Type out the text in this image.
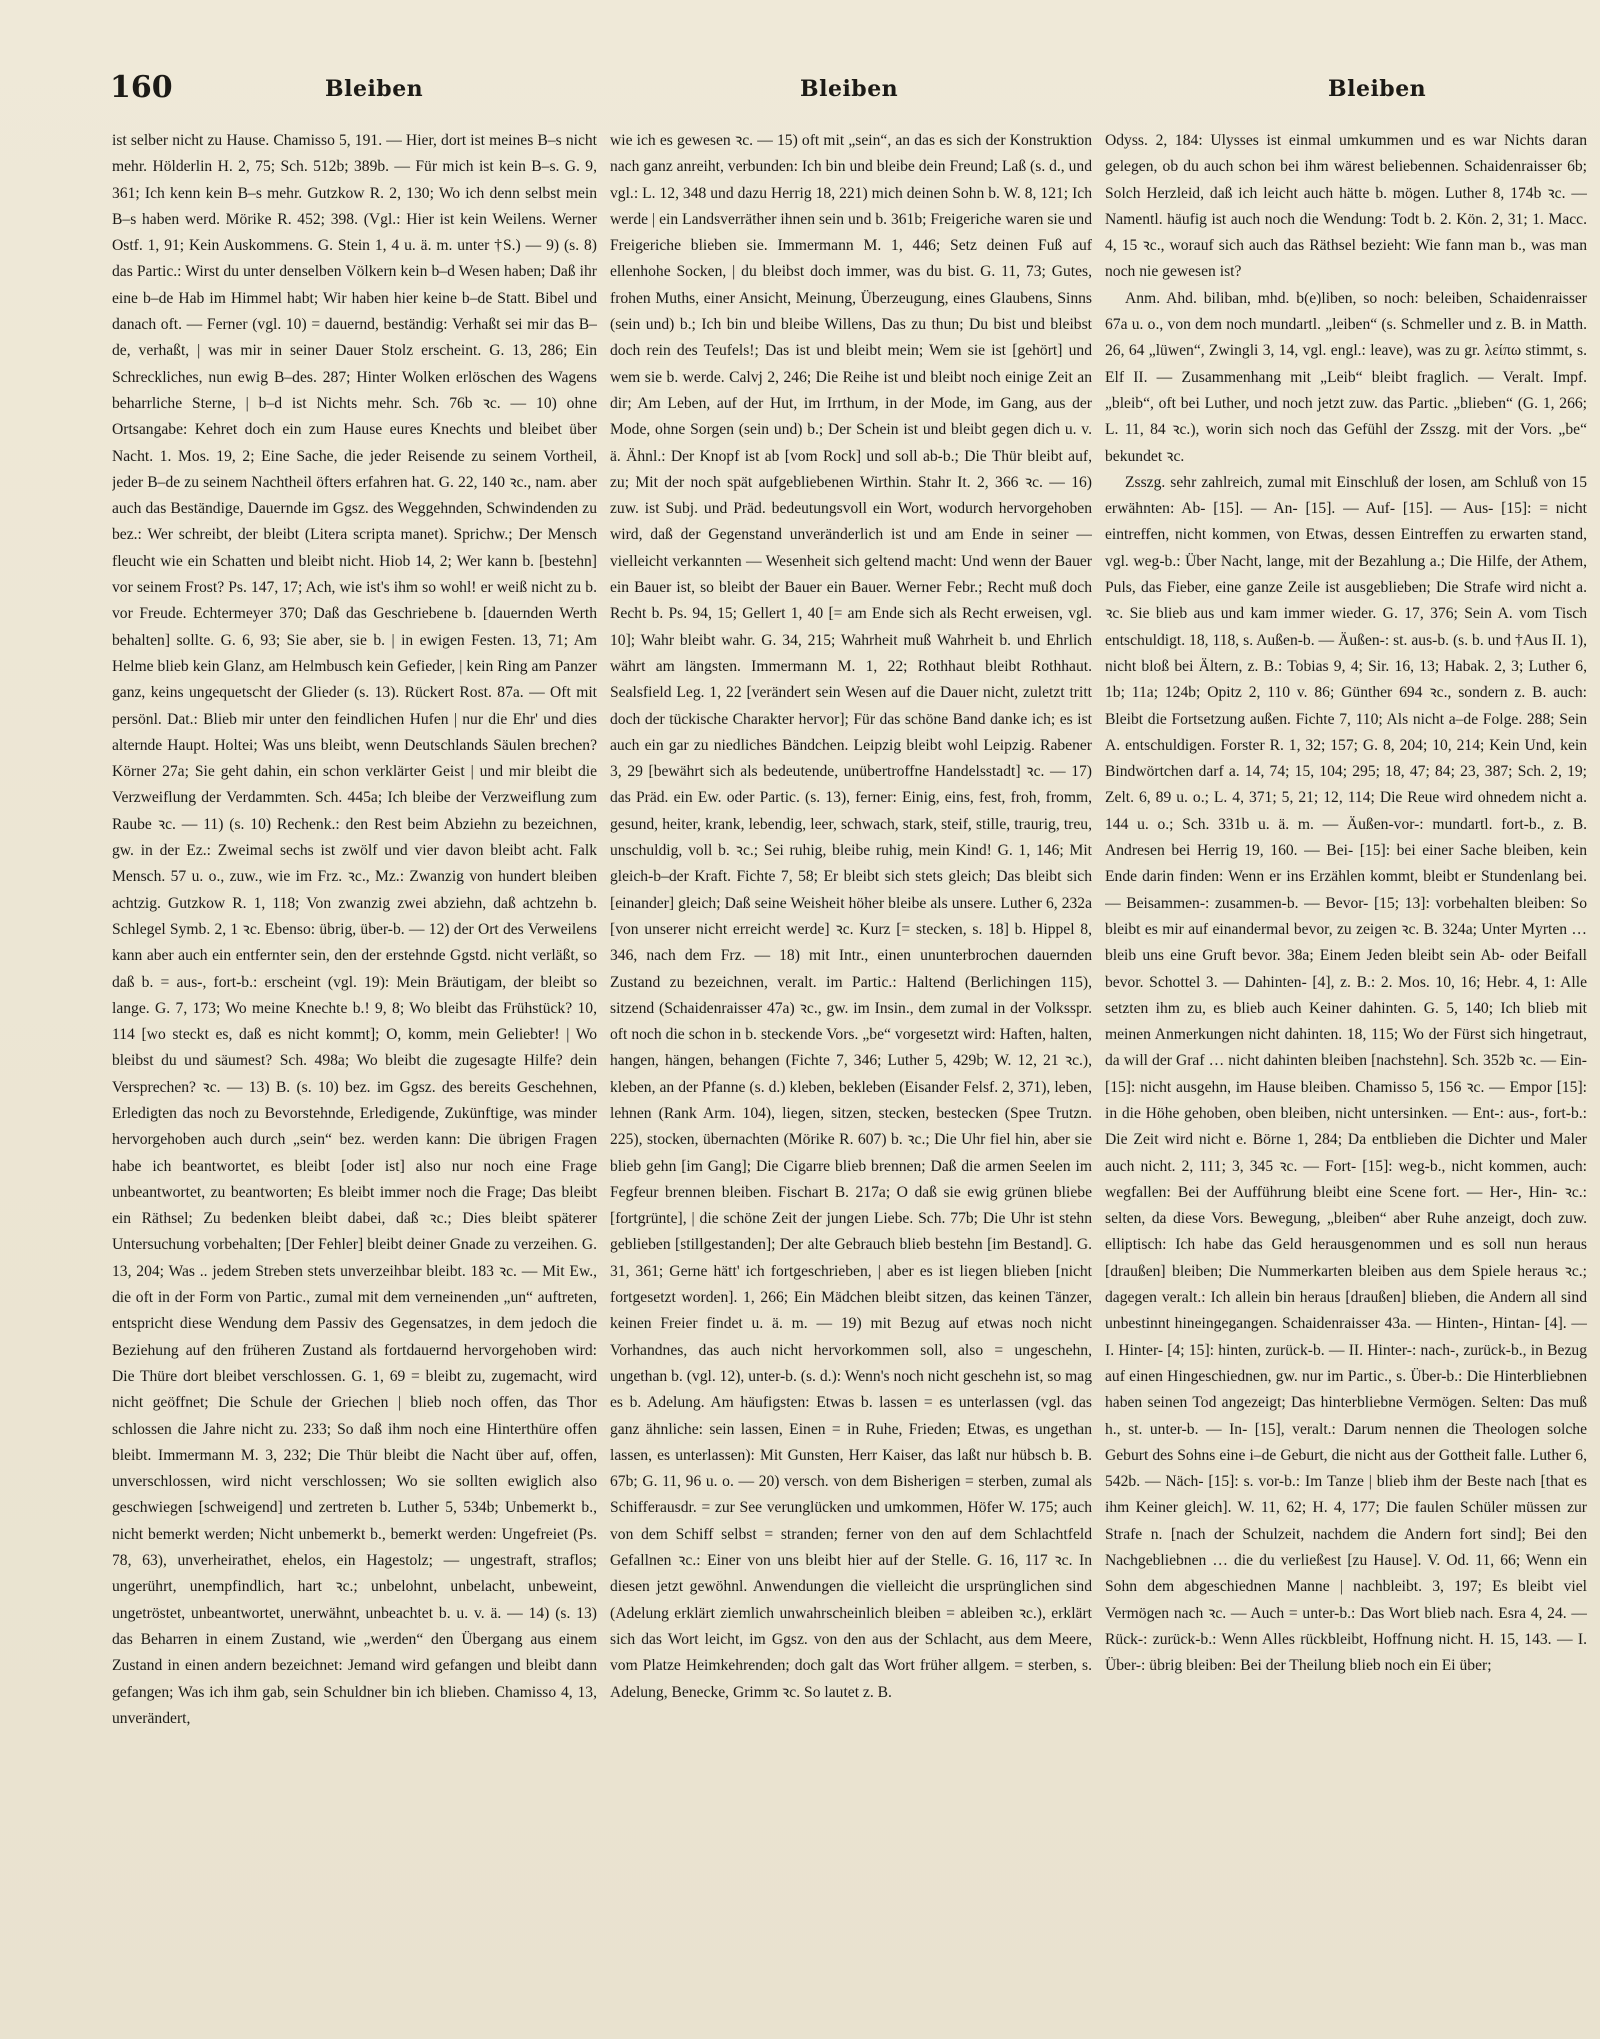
160	Bleiben	Bleiben	Bleiben

ist selber nicht zu Hause. Chamisso 5, 191. — Hier, dort ist meines B–s nicht mehr. Hölderlin H. 2, 75; Sch. 512b; 389b. — Für mich ist kein B–s. G. 9, 361; Ich kenn kein B–s mehr. Gutzkow R. 2, 130; Wo ich denn selbst mein B–s haben werd. Mörike R. 452; 398. (Vgl.: Hier ist kein Weilens. Werner Ostf. 1, 91; Kein Auskommens. G. Stein 1, 4 u. ä. m. unter †S.) — 9) (s. 8) das Partic.: Wirst du unter denselben Völkern kein b–d Wesen haben; Daß ihr eine b–de Hab im Himmel habt; Wir haben hier keine b–de Statt. Bibel und danach oft. — Ferner (vgl. 10) = dauernd, beständig: Verhaßt sei mir das B–de, verhaßt, | was mir in seiner Dauer Stolz erscheint. G. 13, 286; Ein Schreckliches, nun ewig B–des. 287; Hinter Wolken erlöschen des Wagens beharrliche Sterne, | b–d ist Nichts mehr. Sch. 76b ꝛc. — 10) ohne Ortsangabe: Kehret doch ein zum Hause eures Knechts und bleibet über Nacht. 1. Mos. 19, 2; Eine Sache, die jeder Reisende zu seinem Vortheil, jeder B–de zu seinem Nachtheil öfters erfahren hat. G. 22, 140 ꝛc., nam. aber auch das Beständige, Dauernde im Ggsz. des Weggehnden, Schwindenden zu bez.: Wer schreibt, der bleibt (Litera scripta manet). Sprichw.; Der Mensch fleucht wie ein Schatten und bleibt nicht. Hiob 14, 2; Wer kann b. [bestehn] vor seinem Frost? Ps. 147, 17; Ach, wie ist's ihm so wohl! er weiß nicht zu b. vor Freude. Echtermeyer 370; Daß das Geschriebene b. [dauernden Werth behalten] sollte. G. 6, 93; Sie aber, sie b. | in ewigen Festen. 13, 71; Am Helme blieb kein Glanz, am Helmbusch kein Gefieder, | kein Ring am Panzer ganz, keins ungequetscht der Glieder (s. 13). Rückert Rost. 87a. — Oft mit persönl. Dat.: Blieb mir unter den feindlichen Hufen | nur die Ehr' und dies alternde Haupt. Holtei; Was uns bleibt, wenn Deutschlands Säulen brechen? Körner 27a; Sie geht dahin, ein schon verklärter Geist | und mir bleibt die Verzweiflung der Verdammten. Sch. 445a; Ich bleibe der Verzweiflung zum Raube ꝛc. — 11) (s. 10) Rechenk.: den Rest beim Abziehn zu bezeichnen, gw. in der Ez.: Zweimal sechs ist zwölf und vier davon bleibt acht. Falk Mensch. 57 u. o., zuw., wie im Frz. ꝛc., Mz.: Zwanzig von hundert bleiben achtzig. Gutzkow R. 1, 118; Von zwanzig zwei abziehn, daß achtzehn b. Schlegel Symb. 2, 1 ꝛc. Ebenso: übrig, über-b. — 12) der Ort des Verweilens kann aber auch ein entfernter sein, den der erstehnde Ggstd. nicht verläßt, so daß b. = aus-, fort-b.: erscheint (vgl. 19): Mein Bräutigam, der bleibt so lange. G. 7, 173; Wo meine Knechte b.! 9, 8; Wo bleibt das Frühstück? 10, 114 [wo steckt es, daß es nicht kommt]; O, komm, mein Geliebter! | Wo bleibst du und säumest? Sch. 498a; Wo bleibt die zugesagte Hilfe? dein Versprechen? ꝛc. — 13) B. (s. 10) bez. im Ggsz. des bereits Geschehnen, Erledigten das noch zu Bevorstehnde, Erledigende, Zukünftige, was minder hervorgehoben auch durch „sein“ bez. werden kann: Die übrigen Fragen habe ich beantwortet, es bleibt [oder ist] also nur noch eine Frage unbeantwortet, zu beantworten; Es bleibt immer noch die Frage; Das bleibt ein Räthsel; Zu bedenken bleibt dabei, daß ꝛc.; Dies bleibt späterer Untersuchung vorbehalten; [Der Fehler] bleibt deiner Gnade zu verzeihen. G. 13, 204; Was .. jedem Streben stets unverzeihbar bleibt. 183 ꝛc. — Mit Ew., die oft in der Form von Partic., zumal mit dem verneinenden „un“ auftreten, entspricht diese Wendung dem Passiv des Gegensatzes, in dem jedoch die Beziehung auf den früheren Zustand als fortdauernd hervorgehoben wird: Die Thüre dort bleibet verschlossen. G. 1, 69 = bleibt zu, zugemacht, wird nicht geöffnet; Die Schule der Griechen | blieb noch offen, das Thor schlossen die Jahre nicht zu. 233; So daß ihm noch eine Hinterthüre offen bleibt. Immermann M. 3, 232; Die Thür bleibt die Nacht über auf, offen, unverschlossen, wird nicht verschlossen; Wo sie sollten ewiglich also geschwiegen [schweigend] und zertreten b. Luther 5, 534b; Unbemerkt b., nicht bemerkt werden; Nicht unbemerkt b., bemerkt werden: Ungefreiet (Ps. 78, 63), unverheirathet, ehelos, ein Hagestolz; — ungestraft, straflos; ungerührt, unempfindlich, hart ꝛc.; unbelohnt, unbelacht, unbeweint, ungetröstet, unbeantwortet, unerwähnt, unbeachtet b. u. v. ä. — 14) (s. 13) das Beharren in einem Zustand, wie „werden“ den Übergang aus einem Zustand in einen andern bezeichnet: Jemand wird gefangen und bleibt dann gefangen; Was ich ihm gab, sein Schuldner bin ich blieben. Chamisso 4, 13, unverändert,

wie ich es gewesen ꝛc. — 15) oft mit „sein“, an das es sich der Konstruktion nach ganz anreiht, verbunden: Ich bin und bleibe dein Freund; Laß (s. d., und vgl.: L. 12, 348 und dazu Herrig 18, 221) mich deinen Sohn b. W. 8, 121; Ich werde | ein Landsverräther ihnen sein und b. 361b; Freigeriche waren sie und Freigeriche blieben sie. Immermann M. 1, 446; Setz deinen Fuß auf ellenhohe Socken, | du bleibst doch immer, was du bist. G. 11, 73; Gutes, frohen Muths, einer Ansicht, Meinung, Überzeugung, eines Glaubens, Sinns (sein und) b.; Ich bin und bleibe Willens, Das zu thun; Du bist und bleibst doch rein des Teufels!; Das ist und bleibt mein; Wem sie ist [gehört] und wem sie b. werde. Calvj 2, 246; Die Reihe ist und bleibt noch einige Zeit an dir; Am Leben, auf der Hut, im Irrthum, in der Mode, im Gang, aus der Mode, ohne Sorgen (sein und) b.; Der Schein ist und bleibt gegen dich u. v. ä. Ähnl.: Der Knopf ist ab [vom Rock] und soll ab-b.; Die Thür bleibt auf, zu; Mit der noch spät aufgebliebenen Wirthin. Stahr It. 2, 366 ꝛc. — 16) zuw. ist Subj. und Präd. bedeutungsvoll ein Wort, wodurch hervorgehoben wird, daß der Gegenstand unveränderlich ist und am Ende in seiner — vielleicht verkannten — Wesenheit sich geltend macht: Und wenn der Bauer ein Bauer ist, so bleibt der Bauer ein Bauer. Werner Febr.; Recht muß doch Recht b. Ps. 94, 15; Gellert 1, 40 [= am Ende sich als Recht erweisen, vgl. 10]; Wahr bleibt wahr. G. 34, 215; Wahrheit muß Wahrheit b. und Ehrlich währt am längsten. Immermann M. 1, 22; Rothhaut bleibt Rothhaut. Sealsfield Leg. 1, 22 [verändert sein Wesen auf die Dauer nicht, zuletzt tritt doch der tückische Charakter hervor]; Für das schöne Band danke ich; es ist auch ein gar zu niedliches Bändchen. Leipzig bleibt wohl Leipzig. Rabener 3, 29 [bewährt sich als bedeutende, unübertroffne Handelsstadt] ꝛc. — 17) das Präd. ein Ew. oder Partic. (s. 13), ferner: Einig, eins, fest, froh, fromm, gesund, heiter, krank, lebendig, leer, schwach, stark, steif, stille, traurig, treu, unschuldig, voll b. ꝛc.; Sei ruhig, bleibe ruhig, mein Kind! G. 1, 146; Mit gleich-b–der Kraft. Fichte 7, 58; Er bleibt sich stets gleich; Das bleibt sich [einander] gleich; Daß seine Weisheit höher bleibe als unsere. Luther 6, 232a [von unserer nicht erreicht werde] ꝛc. Kurz [= stecken, s. 18] b. Hippel 8, 346, nach dem Frz. — 18) mit Intr., einen ununterbrochen dauernden Zustand zu bezeichnen, veralt. im Partic.: Haltend (Berlichingen 115), sitzend (Schaidenraisser 47a) ꝛc., gw. im Insin., dem zumal in der Volksspr. oft noch die schon in b. steckende Vors. „be“ vorgesetzt wird: Haften, halten, hangen, hängen, behangen (Fichte 7, 346; Luther 5, 429b; W. 12, 21 ꝛc.), kleben, an der Pfanne (s. d.) kleben, bekleben (Eisander Felsf. 2, 371), leben, lehnen (Rank Arm. 104), liegen, sitzen, stecken, bestecken (Spee Trutzn. 225), stocken, übernachten (Mörike R. 607) b. ꝛc.; Die Uhr fiel hin, aber sie blieb gehn [im Gang]; Die Cigarre blieb brennen; Daß die armen Seelen im Fegfeur brennen bleiben. Fischart B. 217a; O daß sie ewig grünen bliebe [fortgrünte], | die schöne Zeit der jungen Liebe. Sch. 77b; Die Uhr ist stehn geblieben [stillgestanden]; Der alte Gebrauch blieb bestehn [im Bestand]. G. 31, 361; Gerne hätt' ich fortgeschrieben, | aber es ist liegen blieben [nicht fortgesetzt worden]. 1, 266; Ein Mädchen bleibt sitzen, das keinen Tänzer, keinen Freier findet u. ä. m. — 19) mit Bezug auf etwas noch nicht Vorhandnes, das auch nicht hervorkommen soll, also = ungeschehn, ungethan b. (vgl. 12), unter-b. (s. d.): Wenn's noch nicht geschehn ist, so mag es b. Adelung. Am häufigsten: Etwas b. lassen = es unterlassen (vgl. das ganz ähnliche: sein lassen, Einen = in Ruhe, Frieden; Etwas, es ungethan lassen, es unterlassen): Mit Gunsten, Herr Kaiser, das laßt nur hübsch b. B. 67b; G. 11, 96 u. o. — 20) versch. von dem Bisherigen = sterben, zumal als Schifferausdr. = zur See verunglücken und umkommen, Höfer W. 175; auch von dem Schiff selbst = stranden; ferner von den auf dem Schlachtfeld Gefallnen ꝛc.: Einer von uns bleibt hier auf der Stelle. G. 16, 117 ꝛc. In diesen jetzt gewöhnl. Anwendungen die vielleicht die ursprünglichen sind (Adelung erklärt ziemlich unwahrscheinlich bleiben = ableiben ꝛc.), erklärt sich das Wort leicht, im Ggsz. von den aus der Schlacht, aus dem Meere, vom Platze Heimkehrenden; doch galt das Wort früher allgem. = sterben, s. Adelung, Benecke, Grimm ꝛc. So lautet z. B.

Odyss. 2, 184: Ulysses ist einmal umkummen und es war Nichts daran gelegen, ob du auch schon bei ihm wärest beliebennen. Schaidenraisser 6b; Solch Herzleid, daß ich leicht auch hätte b. mögen. Luther 8, 174b ꝛc. — Namentl. häufig ist auch noch die Wendung: Todt b. 2. Kön. 2, 31; 1. Macc. 4, 15 ꝛc., worauf sich auch das Räthsel bezieht: Wie fann man b., was man noch nie gewesen ist?

Anm. Ahd. biliban, mhd. b(e)liben, so noch: beleiben, Schaidenraisser 67a u. o., von dem noch mundartl. „leiben“ (s. Schmeller und z. B. in Matth. 26, 64 „lüwen“, Zwingli 3, 14, vgl. engl.: leave), was zu gr. λείπω stimmt, s. Elf II. — Zusammenhang mit „Leib“ bleibt fraglich. — Veralt. Impf. „bleib“, oft bei Luther, und noch jetzt zuw. das Partic. „blieben“ (G. 1, 266; L. 11, 84 ꝛc.), worin sich noch das Gefühl der Zsszg. mit der Vors. „be“ bekundet ꝛc.

Zsszg. sehr zahlreich, zumal mit Einschluß der losen, am Schluß von 15 erwähnten: Ab- [15]. — An- [15]. — Auf- [15]. — Aus- [15]: = nicht eintreffen, nicht kommen, von Etwas, dessen Eintreffen zu erwarten stand, vgl. weg-b.: Über Nacht, lange, mit der Bezahlung a.; Die Hilfe, der Athem, Puls, das Fieber, eine ganze Zeile ist ausgeblieben; Die Strafe wird nicht a. ꝛc. Sie blieb aus und kam immer wieder. G. 17, 376; Sein A. vom Tisch entschuldigt. 18, 118, s. Außen-b. — Äußen-: st. aus-b. (s. b. und †Aus II. 1), nicht bloß bei Ältern, z. B.: Tobias 9, 4; Sir. 16, 13; Habak. 2, 3; Luther 6, 1b; 11a; 124b; Opitz 2, 110 v. 86; Günther 694 ꝛc., sondern z. B. auch: Bleibt die Fortsetzung außen. Fichte 7, 110; Als nicht a–de Folge. 288; Sein A. entschuldigen. Forster R. 1, 32; 157; G. 8, 204; 10, 214; Kein Und, kein Bindwörtchen darf a. 14, 74; 15, 104; 295; 18, 47; 84; 23, 387; Sch. 2, 19; Zelt. 6, 89 u. o.; L. 4, 371; 5, 21; 12, 114; Die Reue wird ohnedem nicht a. 144 u. o.; Sch. 331b u. ä. m. — Äußen-vor-: mundartl. fort-b., z. B. Andresen bei Herrig 19, 160. — Bei- [15]: bei einer Sache bleiben, kein Ende darin finden: Wenn er ins Erzählen kommt, bleibt er Stundenlang bei. — Beisammen-: zusammen-b. — Bevor- [15; 13]: vorbehalten bleiben: So bleibt es mir auf einandermal bevor, zu zeigen ꝛc. B. 324a; Unter Myrten … bleib uns eine Gruft bevor. 38a; Einem Jeden bleibt sein Ab- oder Beifall bevor. Schottel 3. — Dahinten- [4], z. B.: 2. Mos. 10, 16; Hebr. 4, 1: Alle setzten ihm zu, es blieb auch Keiner dahinten. G. 5, 140; Ich blieb mit meinen Anmerkungen nicht dahinten. 18, 115; Wo der Fürst sich hingetraut, da will der Graf … nicht dahinten bleiben [nachstehn]. Sch. 352b ꝛc. — Ein- [15]: nicht ausgehn, im Hause bleiben. Chamisso 5, 156 ꝛc. — Empor [15]: in die Höhe gehoben, oben bleiben, nicht untersinken. — Ent-: aus-, fort-b.: Die Zeit wird nicht e. Börne 1, 284; Da entblieben die Dichter und Maler auch nicht. 2, 111; 3, 345 ꝛc. — Fort- [15]: weg-b., nicht kommen, auch: wegfallen: Bei der Aufführung bleibt eine Scene fort. — Her-, Hin- ꝛc.: selten, da diese Vors. Bewegung, „bleiben“ aber Ruhe anzeigt, doch zuw. elliptisch: Ich habe das Geld herausgenommen und es soll nun heraus [draußen] bleiben; Die Nummerkarten bleiben aus dem Spiele heraus ꝛc.; dagegen veralt.: Ich allein bin heraus [draußen] blieben, die Andern all sind unbestinnt hineingegangen. Schaidenraisser 43a. — Hinten-, Hintan- [4]. — I. Hinter- [4; 15]: hinten, zurück-b. — II. Hinter-: nach-, zurück-b., in Bezug auf einen Hingeschiednen, gw. nur im Partic., s. Über-b.: Die Hinterbliebnen haben seinen Tod angezeigt; Das hinterbliebne Vermögen. Selten: Das muß h., st. unter-b. — In- [15], veralt.: Darum nennen die Theologen solche Geburt des Sohns eine i–de Geburt, die nicht aus der Gottheit falle. Luther 6, 542b. — Näch- [15]: s. vor-b.: Im Tanze | blieb ihm der Beste nach [that es ihm Keiner gleich]. W. 11, 62; H. 4, 177; Die faulen Schüler müssen zur Strafe n. [nach der Schulzeit, nachdem die Andern fort sind]; Bei den Nachgebliebnen … die du verließest [zu Hause]. V. Od. 11, 66; Wenn ein Sohn dem abgeschiednen Manne | nachbleibt. 3, 197; Es bleibt viel Vermögen nach ꝛc. — Auch = unter-b.: Das Wort blieb nach. Esra 4, 24. — Rück-: zurück-b.: Wenn Alles rückbleibt, Hoffnung nicht. H. 15, 143. — I. Über-: übrig bleiben: Bei der Theilung blieb noch ein Ei über;
